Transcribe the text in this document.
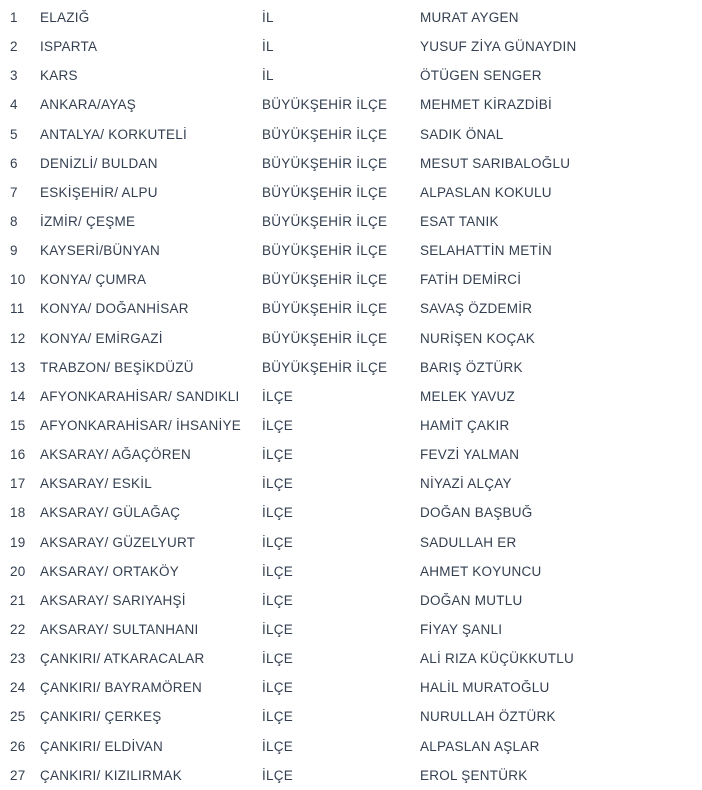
1	ELAZIĞ	İL	MURAT AYGEN
2	ISPARTA	İL	YUSUF ZİYA GÜNAYDIN
3	KARS	İL	ÖTÜGEN SENGER
4	ANKARA/AYAŞ	BÜYÜKŞEHİR İLÇE	MEHMET KİRAZDİBİ
5	ANTALYA/ KORKUTELİ	BÜYÜKŞEHİR İLÇE	SADIK ÖNAL
6	DENİZLİ/ BULDAN	BÜYÜKŞEHİR İLÇE	MESUT SARIBALOĞLU
7	ESKİŞEHİR/ ALPU	BÜYÜKŞEHİR İLÇE	ALPASLAN KOKULU
8	İZMİR/ ÇEŞME	BÜYÜKŞEHİR İLÇE	ESAT TANIK
9	KAYSERİ/BÜNYAN	BÜYÜKŞEHİR İLÇE	SELAHATTİN METİN
10	KONYA/ ÇUMRA	BÜYÜKŞEHİR İLÇE	FATİH DEMİRCİ
11	KONYA/ DOĞANHİSAR	BÜYÜKŞEHİR İLÇE	SAVAŞ ÖZDEMİR
12	KONYA/ EMİRGAZİ	BÜYÜKŞEHİR İLÇE	NURİŞEN KOÇAK
13	TRABZON/ BEŞİKDÜZÜ	BÜYÜKŞEHİR İLÇE	BARIŞ ÖZTÜRK
14	AFYONKARAHİSAR/ SANDIKLI	İLÇE	MELEK YAVUZ
15	AFYONKARAHİSAR/ İHSANİYE	İLÇE	HAMİT ÇAKIR
16	AKSARAY/ AĞAÇÖREN	İLÇE	FEVZİ YALMAN
17	AKSARAY/ ESKİL	İLÇE	NİYAZİ ALÇAY
18	AKSARAY/ GÜLAĞAÇ	İLÇE	DOĞAN BAŞBUĞ
19	AKSARAY/ GÜZELYURT	İLÇE	SADULLAH ER
20	AKSARAY/ ORTAKÖY	İLÇE	AHMET KOYUNCU
21	AKSARAY/ SARIYAHŞİ	İLÇE	DOĞAN MUTLU
22	AKSARAY/ SULTANHANI	İLÇE	FİYAY ŞANLI
23	ÇANKIRI/ ATKARACALAR	İLÇE	ALİ RIZA KÜÇÜKKUTLU
24	ÇANKIRI/ BAYRAMÖREN	İLÇE	HALİL MURATOĞLU
25	ÇANKIRI/ ÇERKEŞ	İLÇE	NURULLAH ÖZTÜRK
26	ÇANKIRI/ ELDİVAN	İLÇE	ALPASLAN AŞLAR
27	ÇANKIRI/ KIZILIRMAK	İLÇE	EROL ŞENTÜRK
